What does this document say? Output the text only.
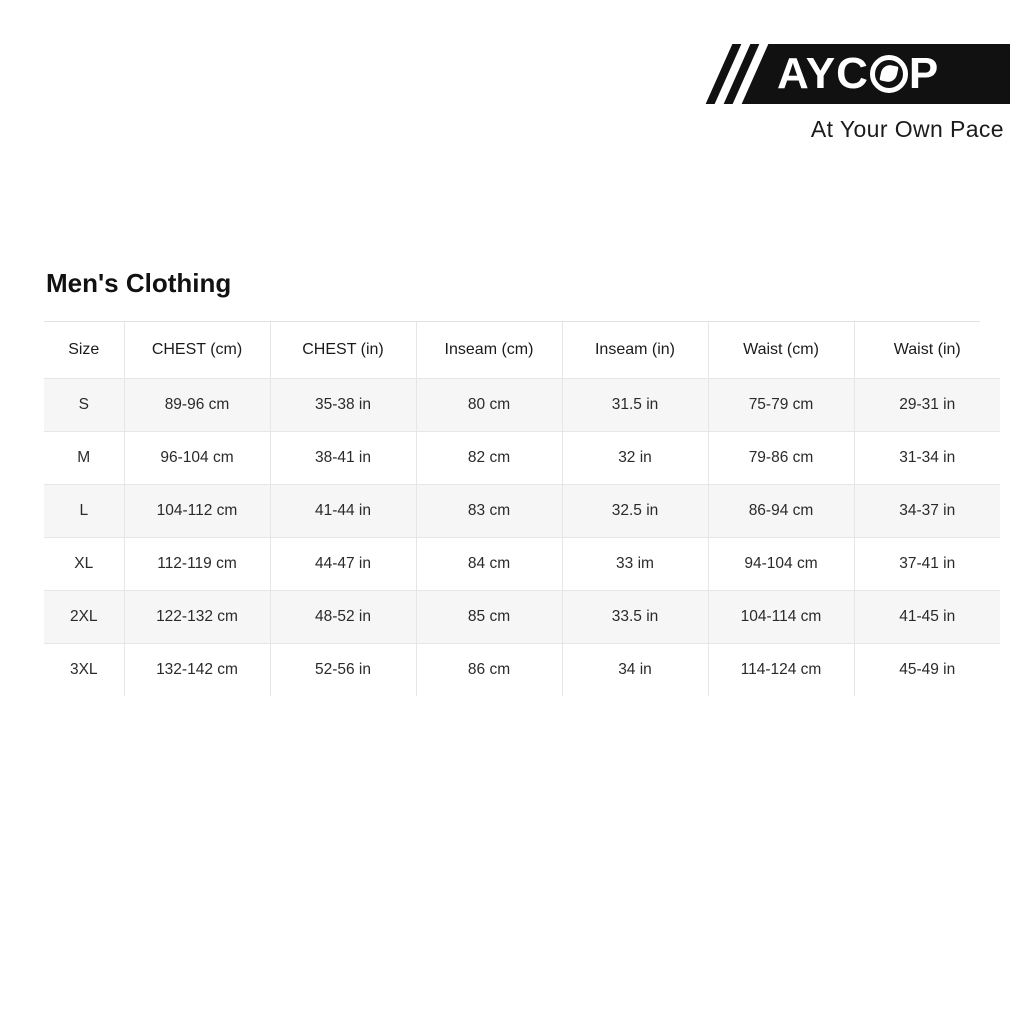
AYC P
At Your Own Pace
Men's Clothing
Size	CHEST (cm)	CHEST (in)	Inseam (cm)	Inseam (in)	Waist (cm)	Waist (in)
S	89-96 cm	35-38 in	80 cm	31.5 in	75-79 cm	29-31 in
M	96-104 cm	38-41 in	82 cm	32 in	79-86 cm	31-34 in
L	104-112 cm	41-44 in	83 cm	32.5 in	86-94 cm	34-37 in
XL	112-119 cm	44-47 in	84 cm	33 im	94-104 cm	37-41 in
2XL	122-132 cm	48-52 in	85 cm	33.5 in	104-114 cm	41-45 in
3XL	132-142 cm	52-56 in	86 cm	34 in	114-124 cm	45-49 in
